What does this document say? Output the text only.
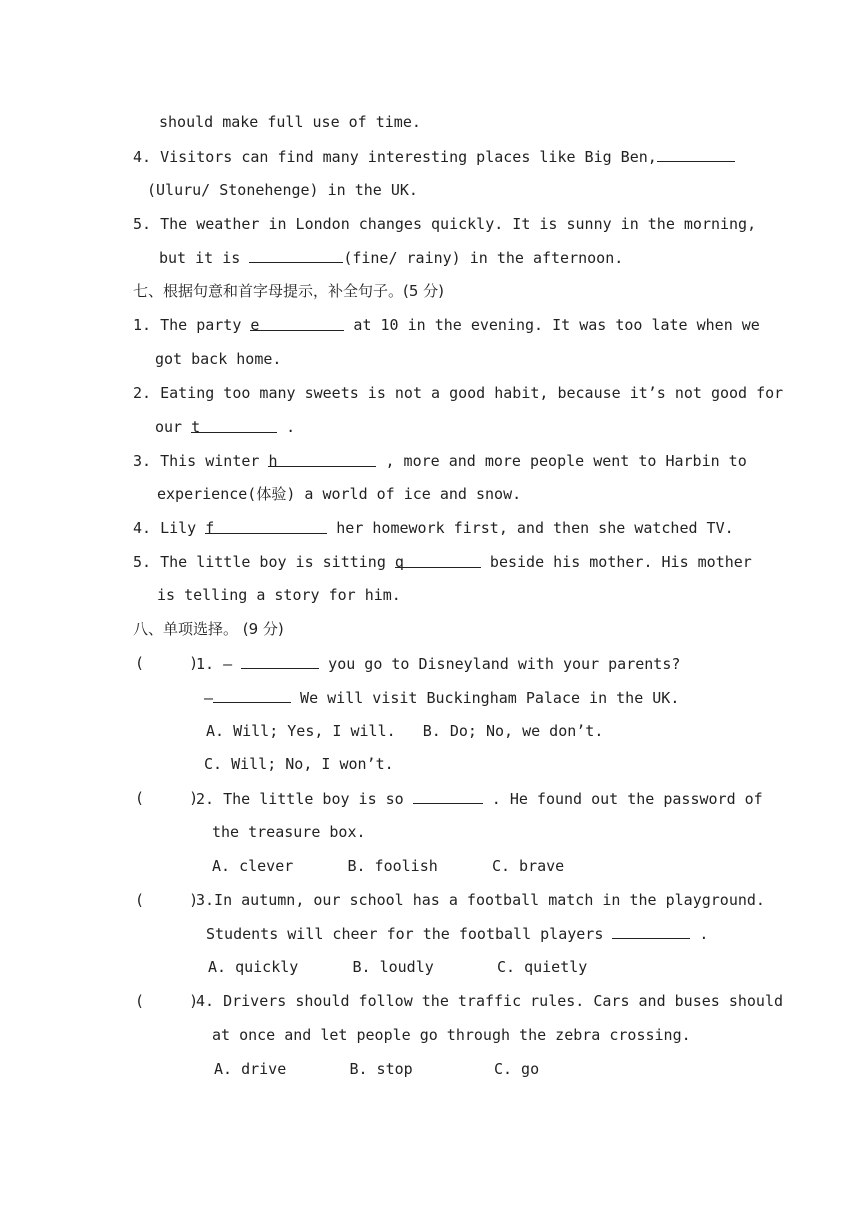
should make full use of time.
4. Visitors can find many interesting places like Big Ben,
(Uluru/ Stonehenge) in the UK.
5. The weather in London changes quickly. It is sunny in the morning,
but it is	(fine/ rainy) in the afternoon.
七、根据句意和首字母提示，补全句子。(5 分)
1. The party e	at 10 in the evening. It was too late when we
got back home.
2. Eating too many sweets is not a good habit, because it’s not good for
our t	.
3. This winter h	, more and more people went to Harbin to
experience(体验) a world of ice and snow.
4. Lily f	her homework first, and then she watched TV.
5. The little boy is sitting q	beside his mother. His mother
is telling a story for him.
八、单项选择。 (9 分)
(     )
1. —	you go to Disneyland with your parents?
—	We will visit Buckingham Palace in the UK.
A. Will; Yes, I will.   B. Do; No, we don’t.
C. Will; No, I won’t.
(     )
2. The little boy is so	. He found out the password of
the treasure box.
A. clever      B. foolish      C. brave
(     )
3.In autumn, our school has a football match in the playground.
Students will cheer for the football players	.
A. quickly      B. loudly       C. quietly
(     )
4. Drivers should follow the traffic rules. Cars and buses should
at once and let people go through the zebra crossing.
A. drive       B. stop         C. go
